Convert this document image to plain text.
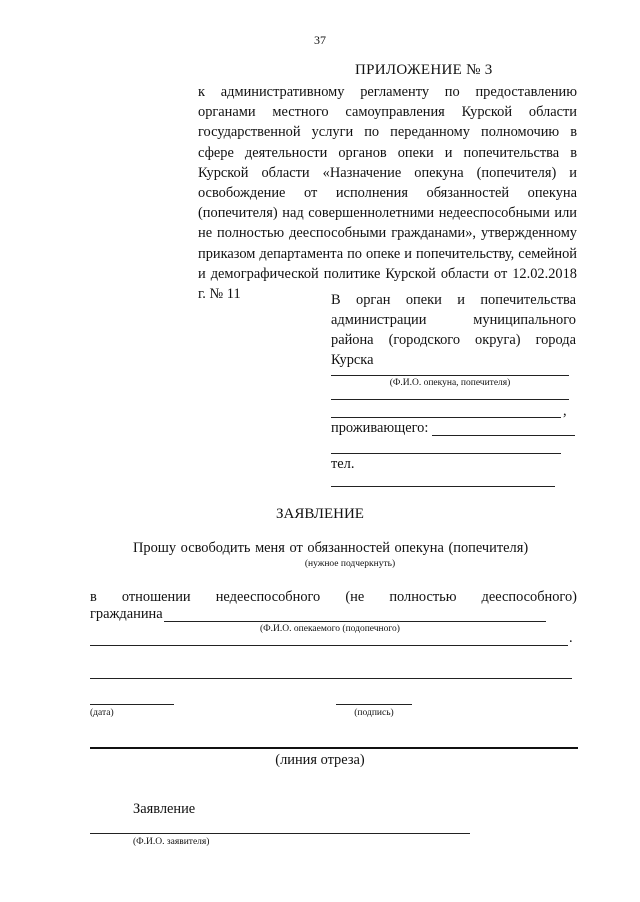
37
ПРИЛОЖЕНИЕ № 3
к административному регламенту по предоставлению органами местного самоуправления Курской области государственной услуги по переданному полномочию в сфере деятельности органов опеки и попечительства в Курской области «Назначение опекуна (попечителя) и освобождение от исполнения обязанностей опекуна (попечителя) над совершеннолетними недееспособными или не полностью дееспособными гражданами», утвержденному приказом департамента по опеке и попечительству, семейной и демографической политике Курской области от 12.02.2018 г. № 11	В орган опеки и попечительства администрации муниципального района (городского округа) города Курска
(Ф.И.О. опекуна, попечителя)
,
проживающего:
тел.
ЗАЯВЛЕНИЕ
Прошу освободить меня от обязанностей опекуна (попечителя)
(нужное подчеркнуть)
в отношении недееспособного (не полностью дееспособного)
гражданина
(Ф.И.О. опекаемого (подопечного)
.
(дата)	(подпись)
(линия отреза)
Заявление
(Ф.И.О. заявителя)
